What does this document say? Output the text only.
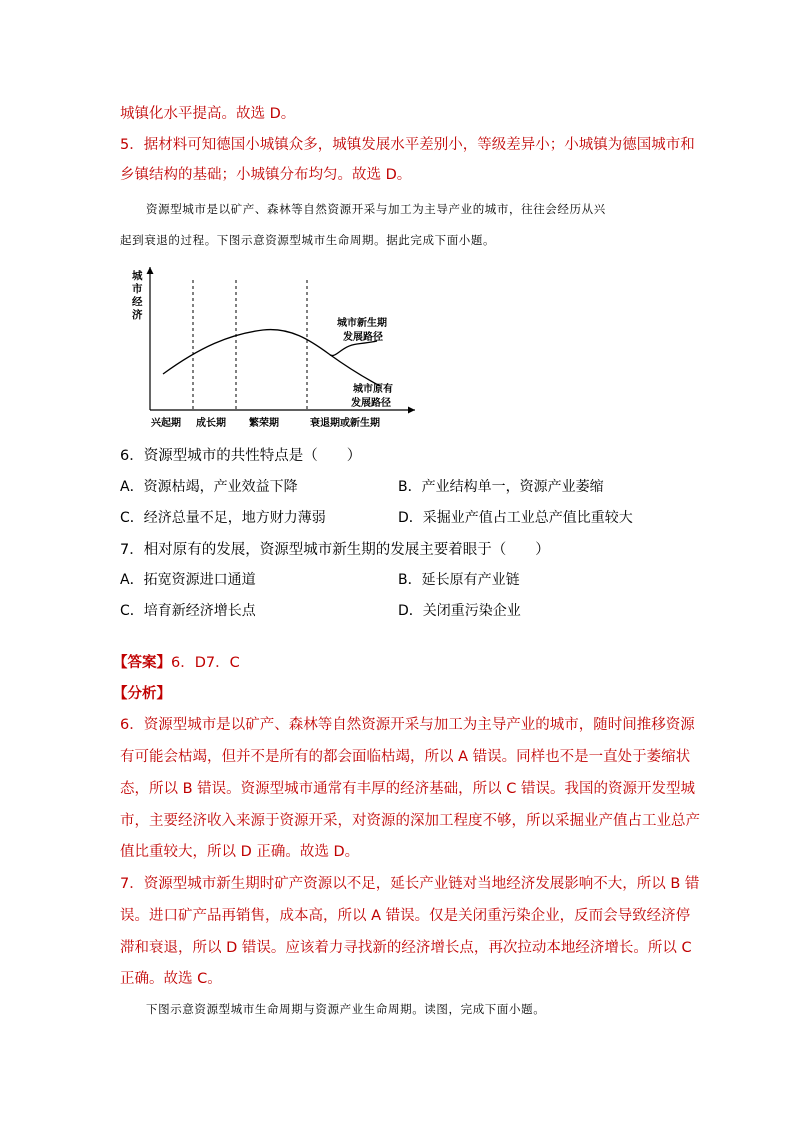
城镇化水平提高。故选 D。
5．据材料可知德国小城镇众多，城镇发展水平差别小，等级差异小；小城镇为德国城市和
乡镇结构的基础；小城镇分布均匀。故选 D。
资源型城市是以矿产、森林等自然资源开采与加工为主导产业的城市，往往会经历从兴
起到衰退的过程。下图示意资源型城市生命周期。据此完成下面小题。
城
市
经
济
城市新生期
发展路径
城市原有
发展路径
兴起期 成长期 繁荣期	衰退期或新生期
6．资源型城市的共性特点是（　　）
A．资源枯竭，产业效益下降	B．产业结构单一，资源产业萎缩
C．经济总量不足，地方财力薄弱	D．采掘业产值占工业总产值比重较大
7．相对原有的发展，资源型城市新生期的发展主要着眼于（　　）
A．拓宽资源进口通道	B．延长原有产业链
C．培育新经济增长点	D．关闭重污染企业
【答案】6．D7．C
【分析】
6．资源型城市是以矿产、森林等自然资源开采与加工为主导产业的城市，随时间推移资源
有可能会枯竭，但并不是所有的都会面临枯竭，所以 A 错误。同样也不是一直处于萎缩状
态，所以 B 错误。资源型城市通常有丰厚的经济基础，所以 C 错误。我国的资源开发型城
市，主要经济收入来源于资源开采，对资源的深加工程度不够，所以采掘业产值占工业总产
值比重较大，所以 D 正确。故选 D。
7．资源型城市新生期时矿产资源以不足，延长产业链对当地经济发展影响不大，所以 B 错
误。进口矿产品再销售，成本高，所以 A 错误。仅是关闭重污染企业，反而会导致经济停
滞和衰退，所以 D 错误。应该着力寻找新的经济增长点，再次拉动本地经济增长。所以 C
正确。故选 C。
下图示意资源型城市生命周期与资源产业生命周期。读图，完成下面小题。
